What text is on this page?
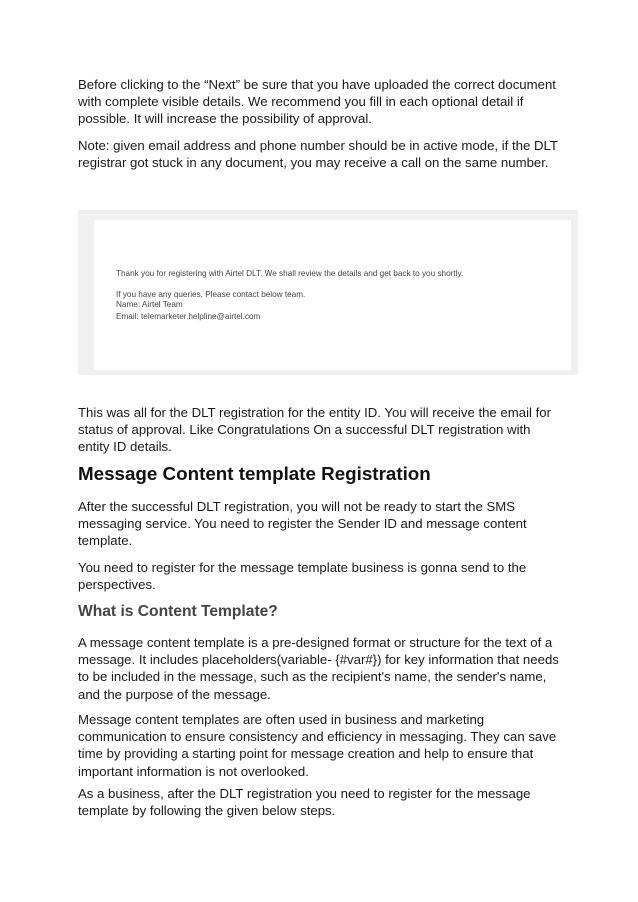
Before clicking to the “Next” be sure that you have uploaded the correct document with complete visible details. We recommend you fill in each optional detail if possible. It will increase the possibility of approval.

Note: given email address and phone number should be in active mode, if the DLT registrar got stuck in any document, you may receive a call on the same number.

Thank you for registering with Airtel DLT. We shall review the details and get back to you shortly.
If you have any queries, Please contact below team.
Name: Airtel Team
Email: telemarketer.helpline@airtel.com

This was all for the DLT registration for the entity ID. You will receive the email for status of approval. Like Congratulations On a successful DLT registration with entity ID details.

Message Content template Registration

After the successful DLT registration, you will not be ready to start the SMS messaging service. You need to register the Sender ID and message content template.

You need to register for the message template business is gonna send to the perspectives.

What is Content Template?

A message content template is a pre-designed format or structure for the text of a message. It includes placeholders(variable- {#var#}) for key information that needs to be included in the message, such as the recipient's name, the sender's name, and the purpose of the message.

Message content templates are often used in business and marketing communication to ensure consistency and efficiency in messaging. They can save time by providing a starting point for message creation and help to ensure that important information is not overlooked.

As a business, after the DLT registration you need to register for the message template by following the given below steps.
